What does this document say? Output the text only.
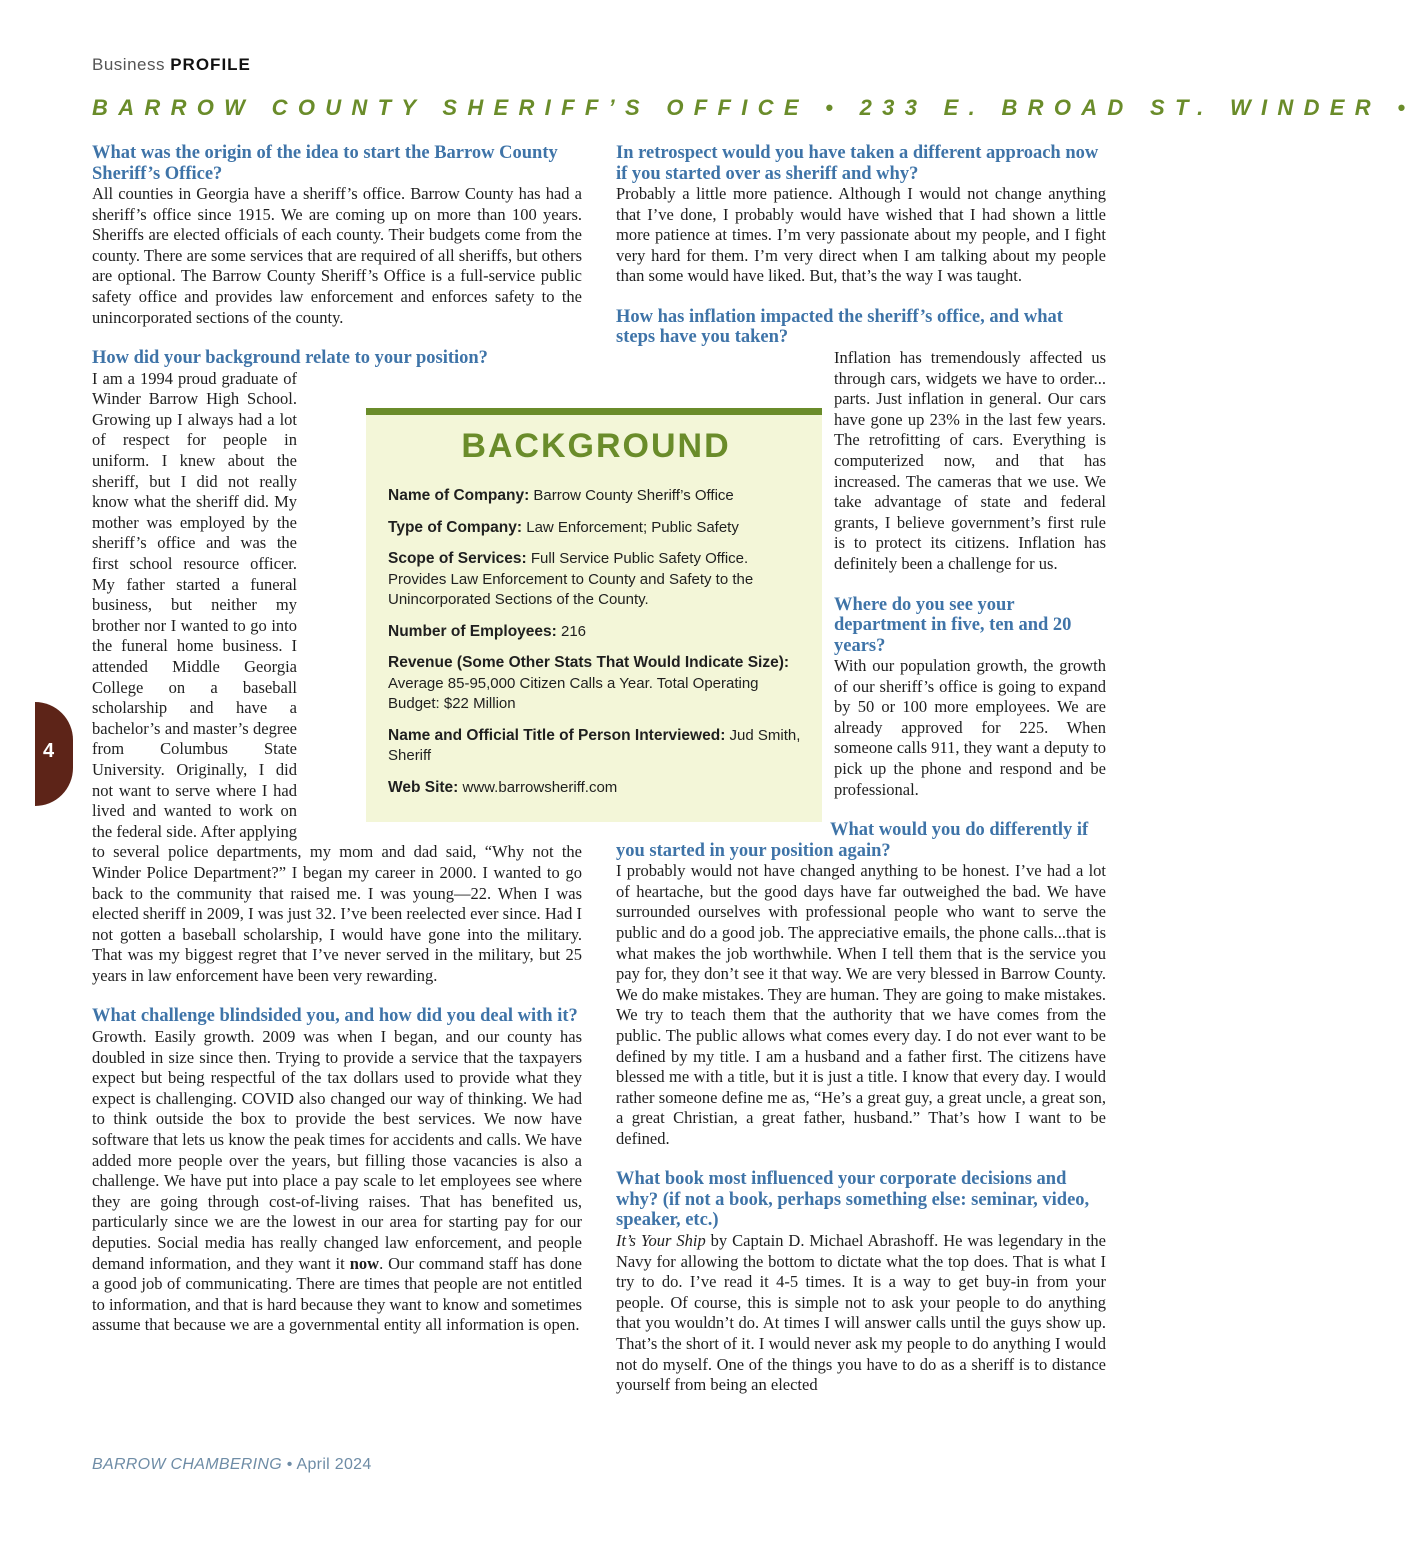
Business PROFILE
BARROW COUNTY SHERIFF’S OFFICE • 233 E. BROAD ST. WINDER •

What was the origin of the idea to start the Barrow County Sheriff’s Office?

All counties in Georgia have a sheriff’s office. Barrow County has had a sheriff’s office since 1915. We are coming up on more than 100 years. Sheriffs are elected officials of each county. Their budgets come from the county. There are some services that are required of all sheriffs, but others are optional. The Barrow County Sheriff’s Office is a full-service public safety office and provides law enforcement and enforces safety to the unincorporated sections of the county.

How did your background relate to your position?

I am a 1994 proud graduate of Winder Barrow High School. Growing up I always had a lot of respect for people in uniform. I knew about the sheriff, but I did not really know what the sheriff did. My mother was employed by the sheriff’s office and was the first school resource officer. My father started a funeral business, but neither my brother nor I wanted to go into the funeral home business. I attended Middle Georgia College on a baseball scholarship and have a bachelor’s and master’s degree from Columbus State University. Originally, I did not want to serve where I had lived and wanted to work on the federal side. After applying to several police departments, my mom and dad said, “Why not the Winder Police Department?” I began my career in 2000. I wanted to go back to the community that raised me. I was young—22. When I was elected sheriff in 2009, I was just 32. I’ve been reelected ever since. Had I not gotten a baseball scholarship, I would have gone into the military. That was my biggest regret that I’ve never served in the military, but 25 years in law enforcement have been very rewarding.

What challenge blindsided you, and how did you deal with it?

Growth. Easily growth. 2009 was when I began, and our county has doubled in size since then. Trying to provide a service that the taxpayers expect but being respectful of the tax dollars used to provide what they expect is challenging. COVID also changed our way of thinking. We had to think outside the box to provide the best services. We now have software that lets us know the peak times for accidents and calls. We have added more people over the years, but filling those vacancies is also a challenge. We have put into place a pay scale to let employees see where they are going through cost-of-living raises. That has benefited us, particularly since we are the lowest in our area for starting pay for our deputies. Social media has really changed law enforcement, and people demand information, and they want it now. Our command staff has done a good job of communicating. There are times that people are not entitled to information, and that is hard because they want to know and sometimes assume that because we are a governmental entity all information is open.

In retrospect would you have taken a different approach now if you started over as sheriff and why?

Probably a little more patience. Although I would not change anything that I’ve done, I probably would have wished that I had shown a little more patience at times. I’m very passionate about my people, and I fight very hard for them. I’m very direct when I am talking about my people than some would have liked. But, that’s the way I was taught.

How has inflation impacted the sheriff’s office, and what steps have you taken?

Inflation has tremendously affected us through cars, widgets we have to order... parts. Just inflation in general. Our cars have gone up 23% in the last few years. The retrofitting of cars. Everything is computerized now, and that has increased. The cameras that we use. We take advantage of state and federal grants, I believe government’s first rule is to protect its citizens. Inflation has definitely been a challenge for us.

Where do you see your department in five, ten and 20 years?

With our population growth, the growth of our sheriff’s office is going to expand by 50 or 100 more employees. We are already approved for 225. When someone calls 911, they want a deputy to pick up the phone and respond and be professional.

What would you do differently if you started in your position again?

I probably would not have changed anything to be honest. I’ve had a lot of heartache, but the good days have far outweighed the bad. We have surrounded ourselves with professional people who want to serve the public and do a good job. The appreciative emails, the phone calls...that is what makes the job worthwhile. When I tell them that is the service you pay for, they don’t see it that way. We are very blessed in Barrow County. We do make mistakes. They are human. They are going to make mistakes. We try to teach them that the authority that we have comes from the public. The public allows what comes every day. I do not ever want to be defined by my title. I am a husband and a father first. The citizens have blessed me with a title, but it is just a title. I know that every day. I would rather someone define me as, “He’s a great guy, a great uncle, a great son, a great Christian, a great father, husband.” That’s how I want to be defined.

What book most influenced your corporate decisions and why? (if not a book, perhaps something else: seminar, video, speaker, etc.)

It’s Your Ship by Captain D. Michael Abrashoff. He was legendary in the Navy for allowing the bottom to dictate what the top does. That is what I try to do. I’ve read it 4-5 times. It is a way to get buy-in from your people. Of course, this is simple not to ask your people to do anything that you wouldn’t do. At times I will answer calls until the guys show up. That’s the short of it. I would never ask my people to do anything I would not do myself. One of the things you have to do as a sheriff is to distance yourself from being an elected

BACKGROUND
Name of Company: Barrow County Sheriff’s Office
Type of Company: Law Enforcement; Public Safety
Scope of Services: Full Service Public Safety Office. Provides Law Enforcement to County and Safety to the Unincorporated Sections of the County.
Number of Employees: 216
Revenue (Some Other Stats That Would Indicate Size): Average 85-95,000 Citizen Calls a Year. Total Operating Budget: $22 Million
Name and Official Title of Person Interviewed: Jud Smith, Sheriff
Web Site: www.barrowsheriff.com
4
BARROW CHAMBERING • April 2024
